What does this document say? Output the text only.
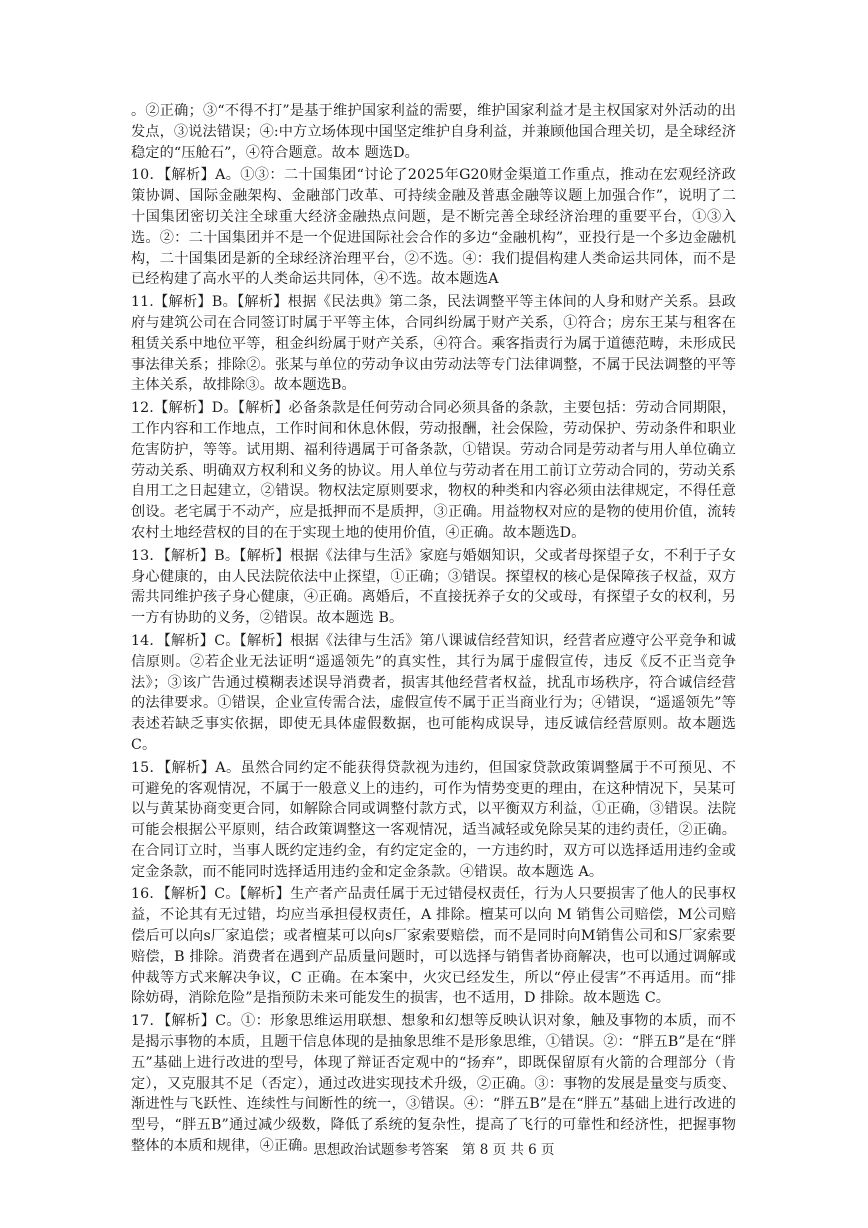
。②正确；③“不得不打”是基于维护国家利益的需要，维护国家利益才是主权国家对外活动的出发点，③说法错误；④:中方立场体现中国坚定维护自身利益，并兼顾他国合理关切，是全球经济稳定的“压舱石”，④符合题意。故本 题选D。

10．【解析】A。①③：二十国集团“讨论了2025年G20财金渠道工作重点，推动在宏观经济政策协调、国际金融架构、金融部门改革、可持续金融及普惠金融等议题上加强合作”，说明了二十国集团密切关注全球重大经济金融热点问题，是不断完善全球经济治理的重要平台，①③入选。②：二十国集团并不是一个促进国际社会合作的多边“金融机构”，亚投行是一个多边金融机构，二十国集团是新的全球经济治理平台，②不选。④：我们提倡构建人类命运共同体，而不是已经构建了高水平的人类命运共同体，④不选。故本题选A

11.【解析】B。【解析】根据《民法典》第二条，民法调整平等主体间的人身和财产关系。县政府与建筑公司在合同签订时属于平等主体，合同纠纷属于财产关系，①符合；房东王某与租客在租赁关系中地位平等，租金纠纷属于财产关系，④符合。乘客指责行为属于道德范畴，未形成民事法律关系；排除②。张某与单位的劳动争议由劳动法等专门法律调整，不属于民法调整的平等主体关系，故排除③。故本题选B。

12.【解析】D。【解析】必备条款是任何劳动合同必须具备的条款，主要包括：劳动合同期限，工作内容和工作地点，工作时间和休息休假，劳动报酬，社会保险，劳动保护、劳动条件和职业危害防护，等等。试用期、福利待遇属于可备条款，①错误。劳动合同是劳动者与用人单位确立劳动关系、明确双方权利和义务的协议。用人单位与劳动者在用工前订立劳动合同的，劳动关系自用工之日起建立，②错误。物权法定原则要求，物权的种类和内容必须由法律规定，不得任意创设。老宅属于不动产，应是抵押而不是质押，③正确。用益物权对应的是物的使用价值，流转农村土地经营权的目的在于实现土地的使用价值，④正确。故本题选D。

13．【解析】B。【解析】根据《法律与生活》家庭与婚姻知识，父或者母探望子女，不利于子女身心健康的，由人民法院依法中止探望，①正确；③错误。探望权的核心是保障孩子权益，双方需共同维护孩子身心健康，④正确。离婚后，不直接抚养子女的父或母，有探望子女的权利，另一方有协助的义务，②错误。故本题选 B。

14．【解析】C。【解析】根据《法律与生活》第八课诚信经营知识，经营者应遵守公平竞争和诚信原则。②若企业无法证明“遥遥领先”的真实性，其行为属于虚假宣传，违反《反不正当竞争法》；③该广告通过模糊表述误导消费者，损害其他经营者权益，扰乱市场秩序，符合诚信经营的法律要求。①错误，企业宣传需合法，虚假宣传不属于正当商业行为；④错误，“遥遥领先”等表述若缺乏事实依据，即使无具体虚假数据，也可能构成误导，违反诚信经营原则。故本题选C。

15．【解析】A。虽然合同约定不能获得贷款视为违约，但国家贷款政策调整属于不可预见、不可避免的客观情况，不属于一般意义上的违约，可作为情势变更的理由，在这种情况下，吴某可以与黄某协商变更合同，如解除合同或调整付款方式，以平衡双方利益，①正确，③错误。法院可能会根据公平原则，结合政策调整这一客观情况，适当减轻或免除吴某的违约责任，②正确。在合同订立时，当事人既约定违约金，有约定定金的，一方违约时，双方可以选择适用违约金或定金条款，而不能同时选择适用违约金和定金条款。④错误。故本题选 A。

16．【解析】C。【解析】生产者产品责任属于无过错侵权责任，行为人只要损害了他人的民事权益，不论其有无过错，均应当承担侵权责任，A 排除。檀某可以向 M 销售公司赔偿，M公司赔偿后可以向s厂家追偿；或者檀某可以向s厂家索要赔偿，而不是同时向M销售公司和S厂家索要赔偿，B 排除。消费者在遇到产品质量问题时，可以选择与销售者协商解决，也可以通过调解或仲裁等方式来解决争议，C 正确。在本案中，火灾已经发生，所以“停止侵害”不再适用。而“排除妨碍，消除危险”是指预防未来可能发生的损害，也不适用，D 排除。故本题选 C。

17．【解析】C。①：形象思维运用联想、想象和幻想等反映认识对象，触及事物的本质，而不是揭示事物的本质，且题干信息体现的是抽象思维不是形象思维，①错误。②：“胖五B”是在“胖五”基础上进行改进的型号，体现了辩证否定观中的“扬弃”，即既保留原有火箭的合理部分（肯定），又克服其不足（否定），通过改进实现技术升级，②正确。③：事物的发展是量变与质变、渐进性与飞跃性、连续性与间断性的统一，③错误。④：“胖五B”是在“胖五”基础上进行改进的型号，“胖五B”通过减少级数，降低了系统的复杂性，提高了飞行的可靠性和经济性，把握事物整体的本质和规律，④正确。

思想政治试题参考答案　第 8 页 共 6 页
